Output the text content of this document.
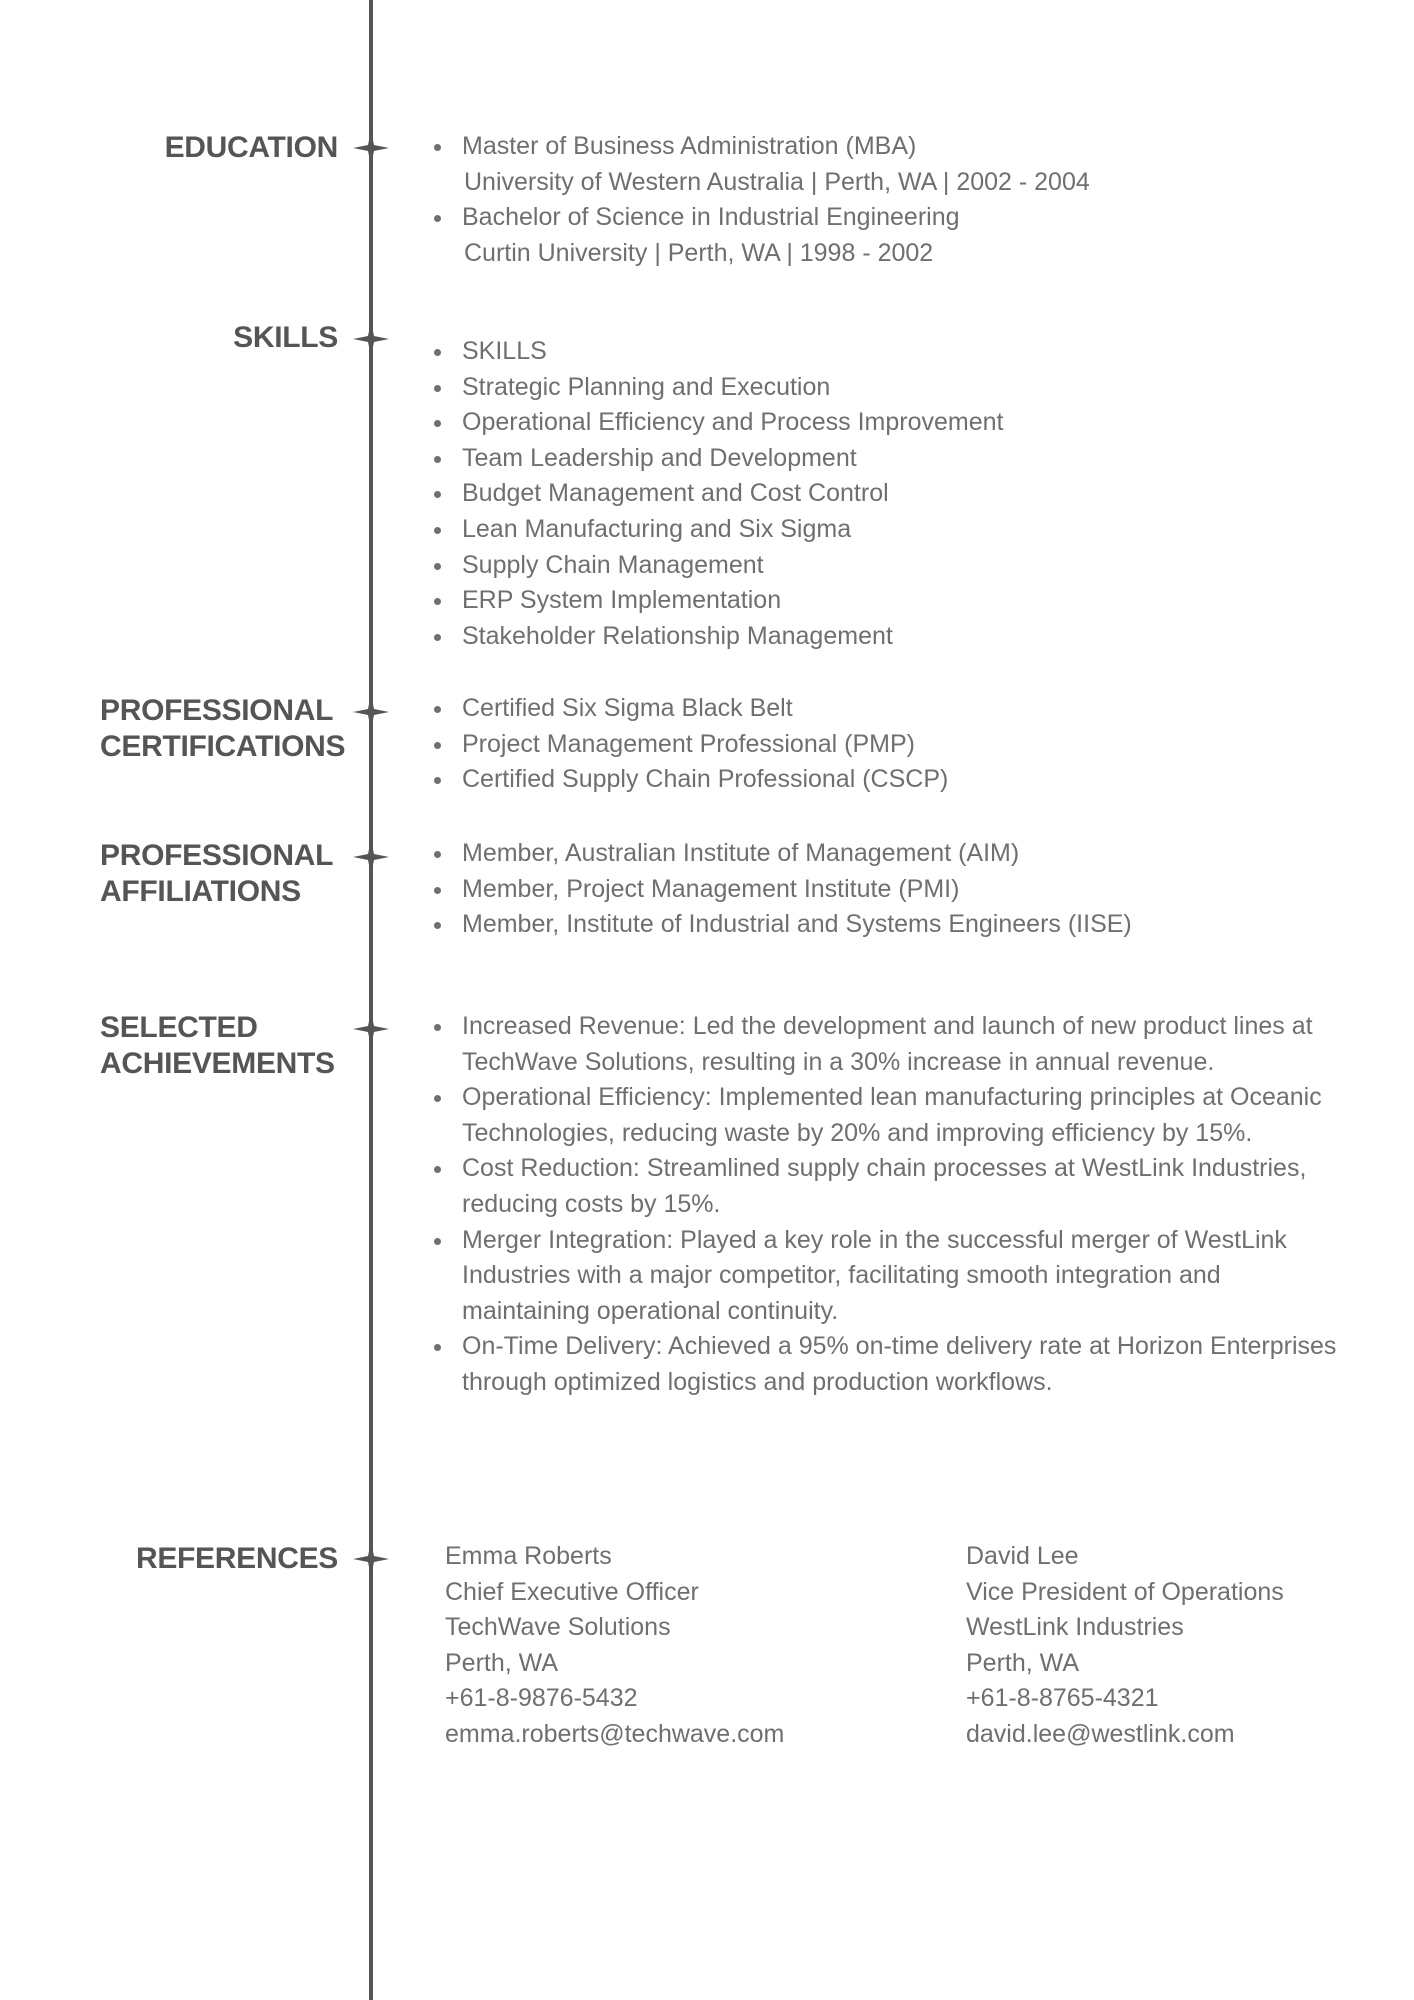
EDUCATION	Master of Business Administration (MBA)
University of Western Australia | Perth, WA | 2002 - 2004
Bachelor of Science in Industrial Engineering
Curtin University | Perth, WA | 1998 - 2002
SKILLS	SKILLS
Strategic Planning and Execution
Operational Efficiency and Process Improvement
Team Leadership and Development
Budget Management and Cost Control
Lean Manufacturing and Six Sigma
Supply Chain Management
ERP System Implementation
Stakeholder Relationship Management
PROFESSIONAL
CERTIFICATIONS
Certified Six Sigma Black Belt
Project Management Professional (PMP)
Certified Supply Chain Professional (CSCP)
PROFESSIONAL
AFFILIATIONS
Member, Australian Institute of Management (AIM)
Member, Project Management Institute (PMI)
Member, Institute of Industrial and Systems Engineers (IISE)
SELECTED
ACHIEVEMENTS
Increased Revenue: Led the development and launch of new product lines at TechWave Solutions, resulting in a 30% increase in annual revenue.
Operational Efficiency: Implemented lean manufacturing principles at Oceanic Technologies, reducing waste by 20% and improving efficiency by 15%.
Cost Reduction: Streamlined supply chain processes at WestLink Industries, reducing costs by 15%.
Merger Integration: Played a key role in the successful merger of WestLink Industries with a major competitor, facilitating smooth integration and maintaining operational continuity.
On-Time Delivery: Achieved a 95% on-time delivery rate at Horizon Enterprises through optimized logistics and production workflows.
REFERENCES	Emma Roberts
Chief Executive Officer
TechWave Solutions
Perth, WA
+61-8-9876-5432
emma.roberts@techwave.com
David Lee
Vice President of Operations
WestLink Industries
Perth, WA
+61-8-8765-4321
david.lee@westlink.com
